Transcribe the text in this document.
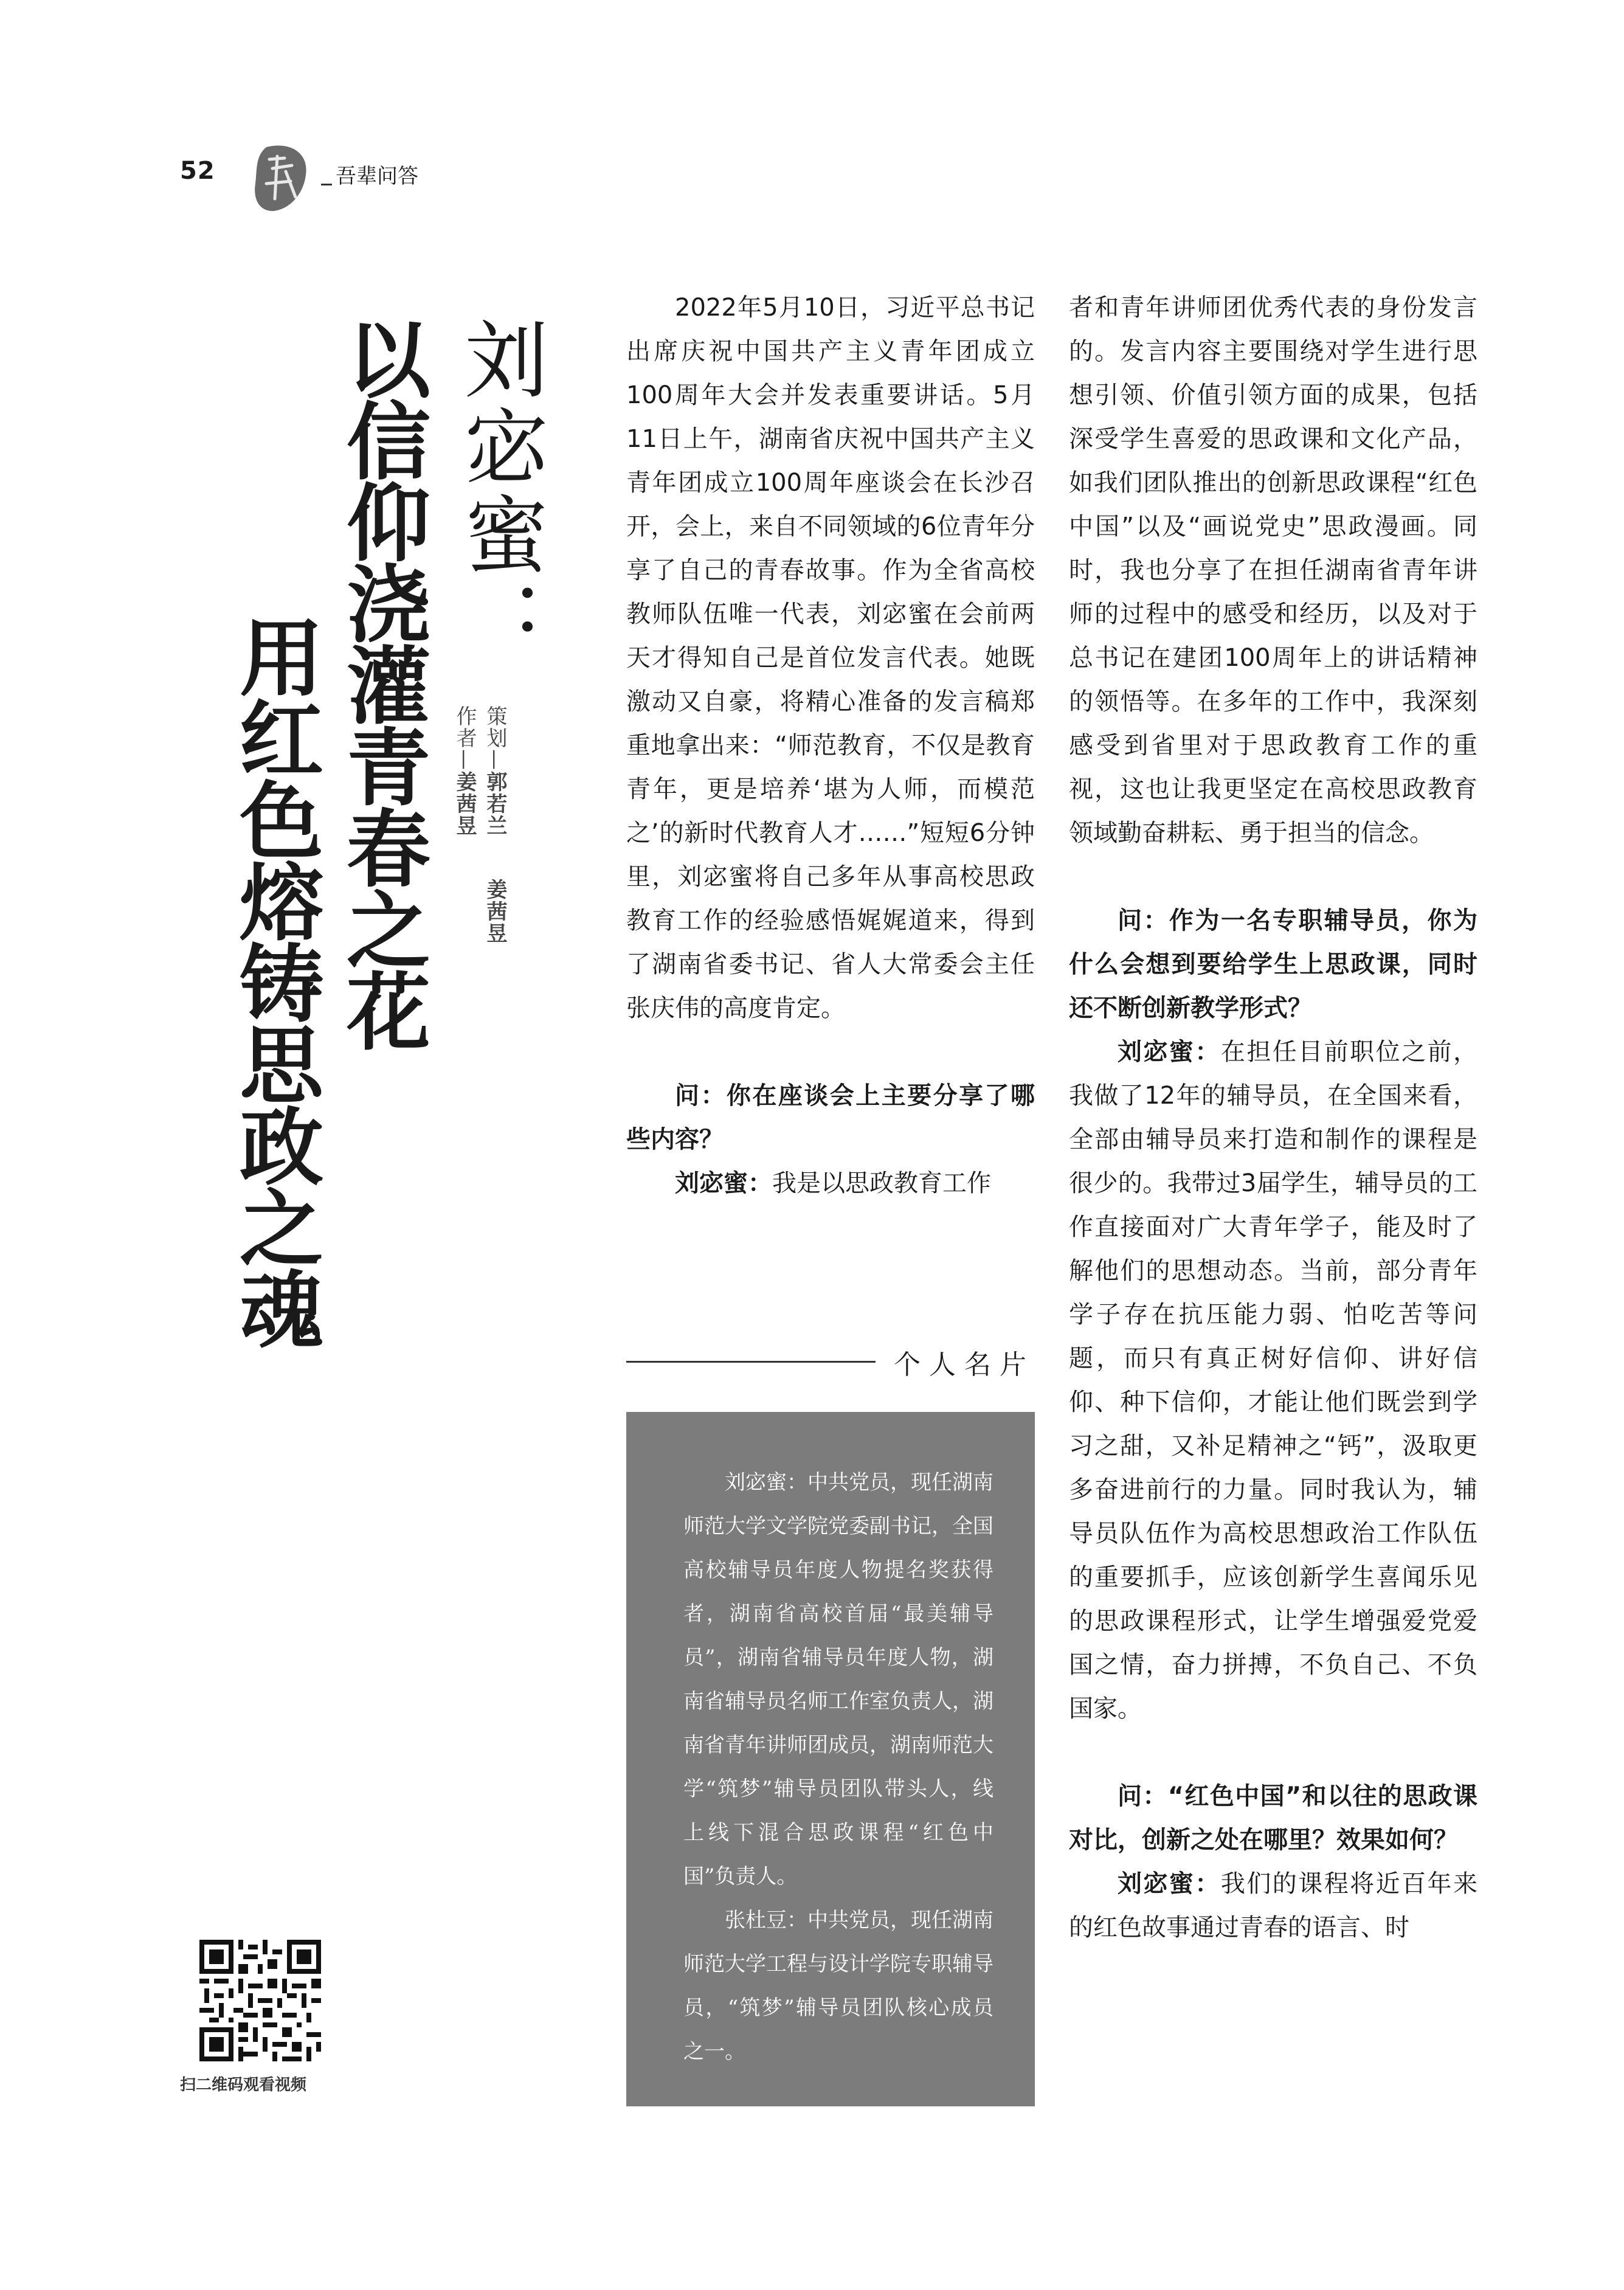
52	吾辈问答
刘宓蜜：
以信仰浇灌青春之花
用红色熔铸思政之魂	策划—郭若兰
作者—姜茜昱
姜茜昱

2022年5月10日，习近平总书记出席庆祝中国共产主义青年团成立100周年大会并发表重要讲话。5月11日上午，湖南省庆祝中国共产主义青年团成立100周年座谈会在长沙召开，会上，来自不同领域的6位青年分享了自己的青春故事。作为全省高校教师队伍唯一代表，刘宓蜜在会前两天才得知自己是首位发言代表。她既激动又自豪，将精心准备的发言稿郑重地拿出来：“师范教育，不仅是教育青年，更是培养‘堪为人师，而模范之’的新时代教育人才……”短短6分钟里，刘宓蜜将自己多年从事高校思政教育工作的经验感悟娓娓道来，得到了湖南省委书记、省人大常委会主任张庆伟的高度肯定。

问：你在座谈会上主要分享了哪些内容？

刘宓蜜：我是以思政教育工作

个人名片

刘宓蜜：中共党员，现任湖南师范大学文学院党委副书记，全国高校辅导员年度人物提名奖获得者，湖南省高校首届“最美辅导员”，湖南省辅导员年度人物，湖南省辅导员名师工作室负责人，湖南省青年讲师团成员，湖南师范大学“筑梦”辅导员团队带头人，线上线下混合思政课程“红色中国”负责人。

张杜豆：中共党员，现任湖南师范大学工程与设计学院专职辅导员，“筑梦”辅导员团队核心成员之一。

者和青年讲师团优秀代表的身份发言的。发言内容主要围绕对学生进行思想引领、价值引领方面的成果，包括深受学生喜爱的思政课和文化产品，如我们团队推出的创新思政课程“红色中国”以及“画说党史”思政漫画。同时，我也分享了在担任湖南省青年讲师的过程中的感受和经历，以及对于总书记在建团100周年上的讲话精神的领悟等。在多年的工作中，我深刻感受到省里对于思政教育工作的重视，这也让我更坚定在高校思政教育领域勤奋耕耘、勇于担当的信念。

问：作为一名专职辅导员，你为什么会想到要给学生上思政课，同时还不断创新教学形式？

刘宓蜜：在担任目前职位之前，我做了12年的辅导员，在全国来看，全部由辅导员来打造和制作的课程是很少的。我带过3届学生，辅导员的工作直接面对广大青年学子，能及时了解他们的思想动态。当前，部分青年学子存在抗压能力弱、怕吃苦等问题，而只有真正树好信仰、讲好信仰、种下信仰，才能让他们既尝到学习之甜，又补足精神之“钙”，汲取更多奋进前行的力量。同时我认为，辅导员队伍作为高校思想政治工作队伍的重要抓手，应该创新学生喜闻乐见的思政课程形式，让学生增强爱党爱国之情，奋力拼搏，不负自己、不负国家。

问：“红色中国”和以往的思政课对比，创新之处在哪里？效果如何？

刘宓蜜：我们的课程将近百年来的红色故事通过青春的语言、时

扫二维码观看视频
